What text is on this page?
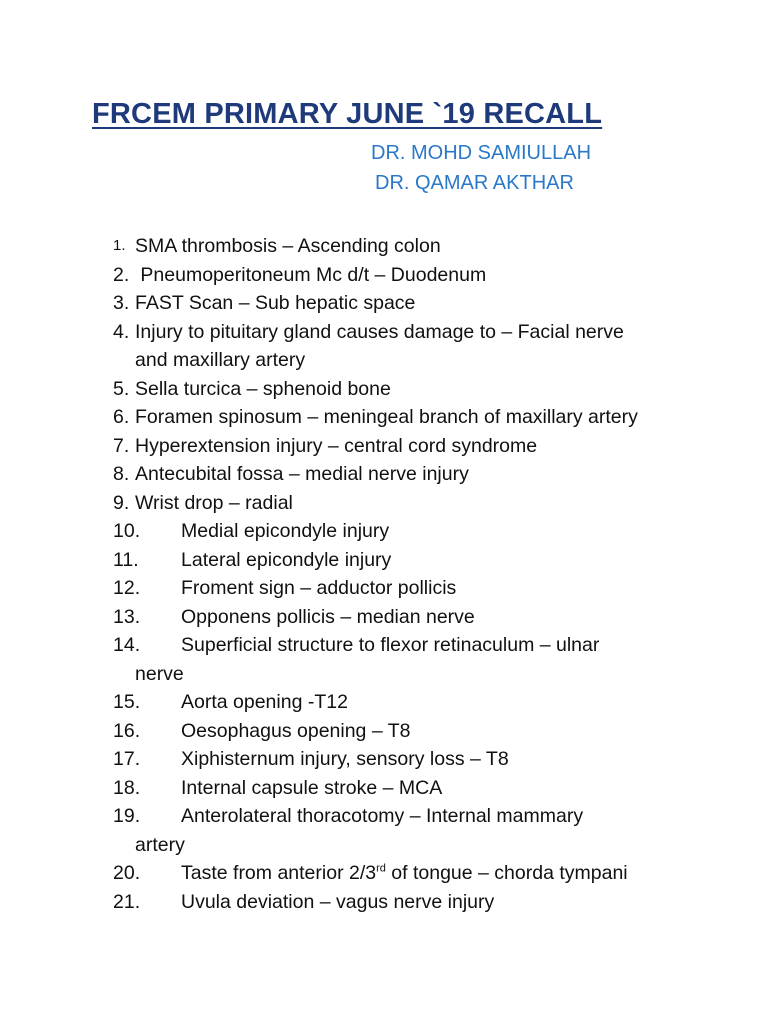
FRCEM PRIMARY JUNE `19 RECALL
DR. MOHD SAMIULLAH
DR. QAMAR AKTHAR
1. SMA thrombosis – Ascending colon
2. Pneumoperitoneum Mc d/t – Duodenum
3. FAST Scan – Sub hepatic space
4. Injury to pituitary gland causes damage to – Facial nerve
and maxillary artery
5. Sella turcica – sphenoid bone
6. Foramen spinosum – meningeal branch of maxillary artery
7. Hyperextension injury – central cord syndrome
8. Antecubital fossa – medial nerve injury
9. Wrist drop – radial
10. Medial epicondyle injury
11. Lateral epicondyle injury
12. Froment sign – adductor pollicis
13. Opponens pollicis – median nerve
14. Superficial structure to flexor retinaculum – ulnar
nerve
15. Aorta opening -T12
16. Oesophagus opening – T8
17. Xiphisternum injury, sensory loss – T8
18. Internal capsule stroke – MCA
19. Anterolateral thoracotomy – Internal mammary
artery
20. Taste from anterior 2/3rd of tongue – chorda tympani
21. Uvula deviation – vagus nerve injury
